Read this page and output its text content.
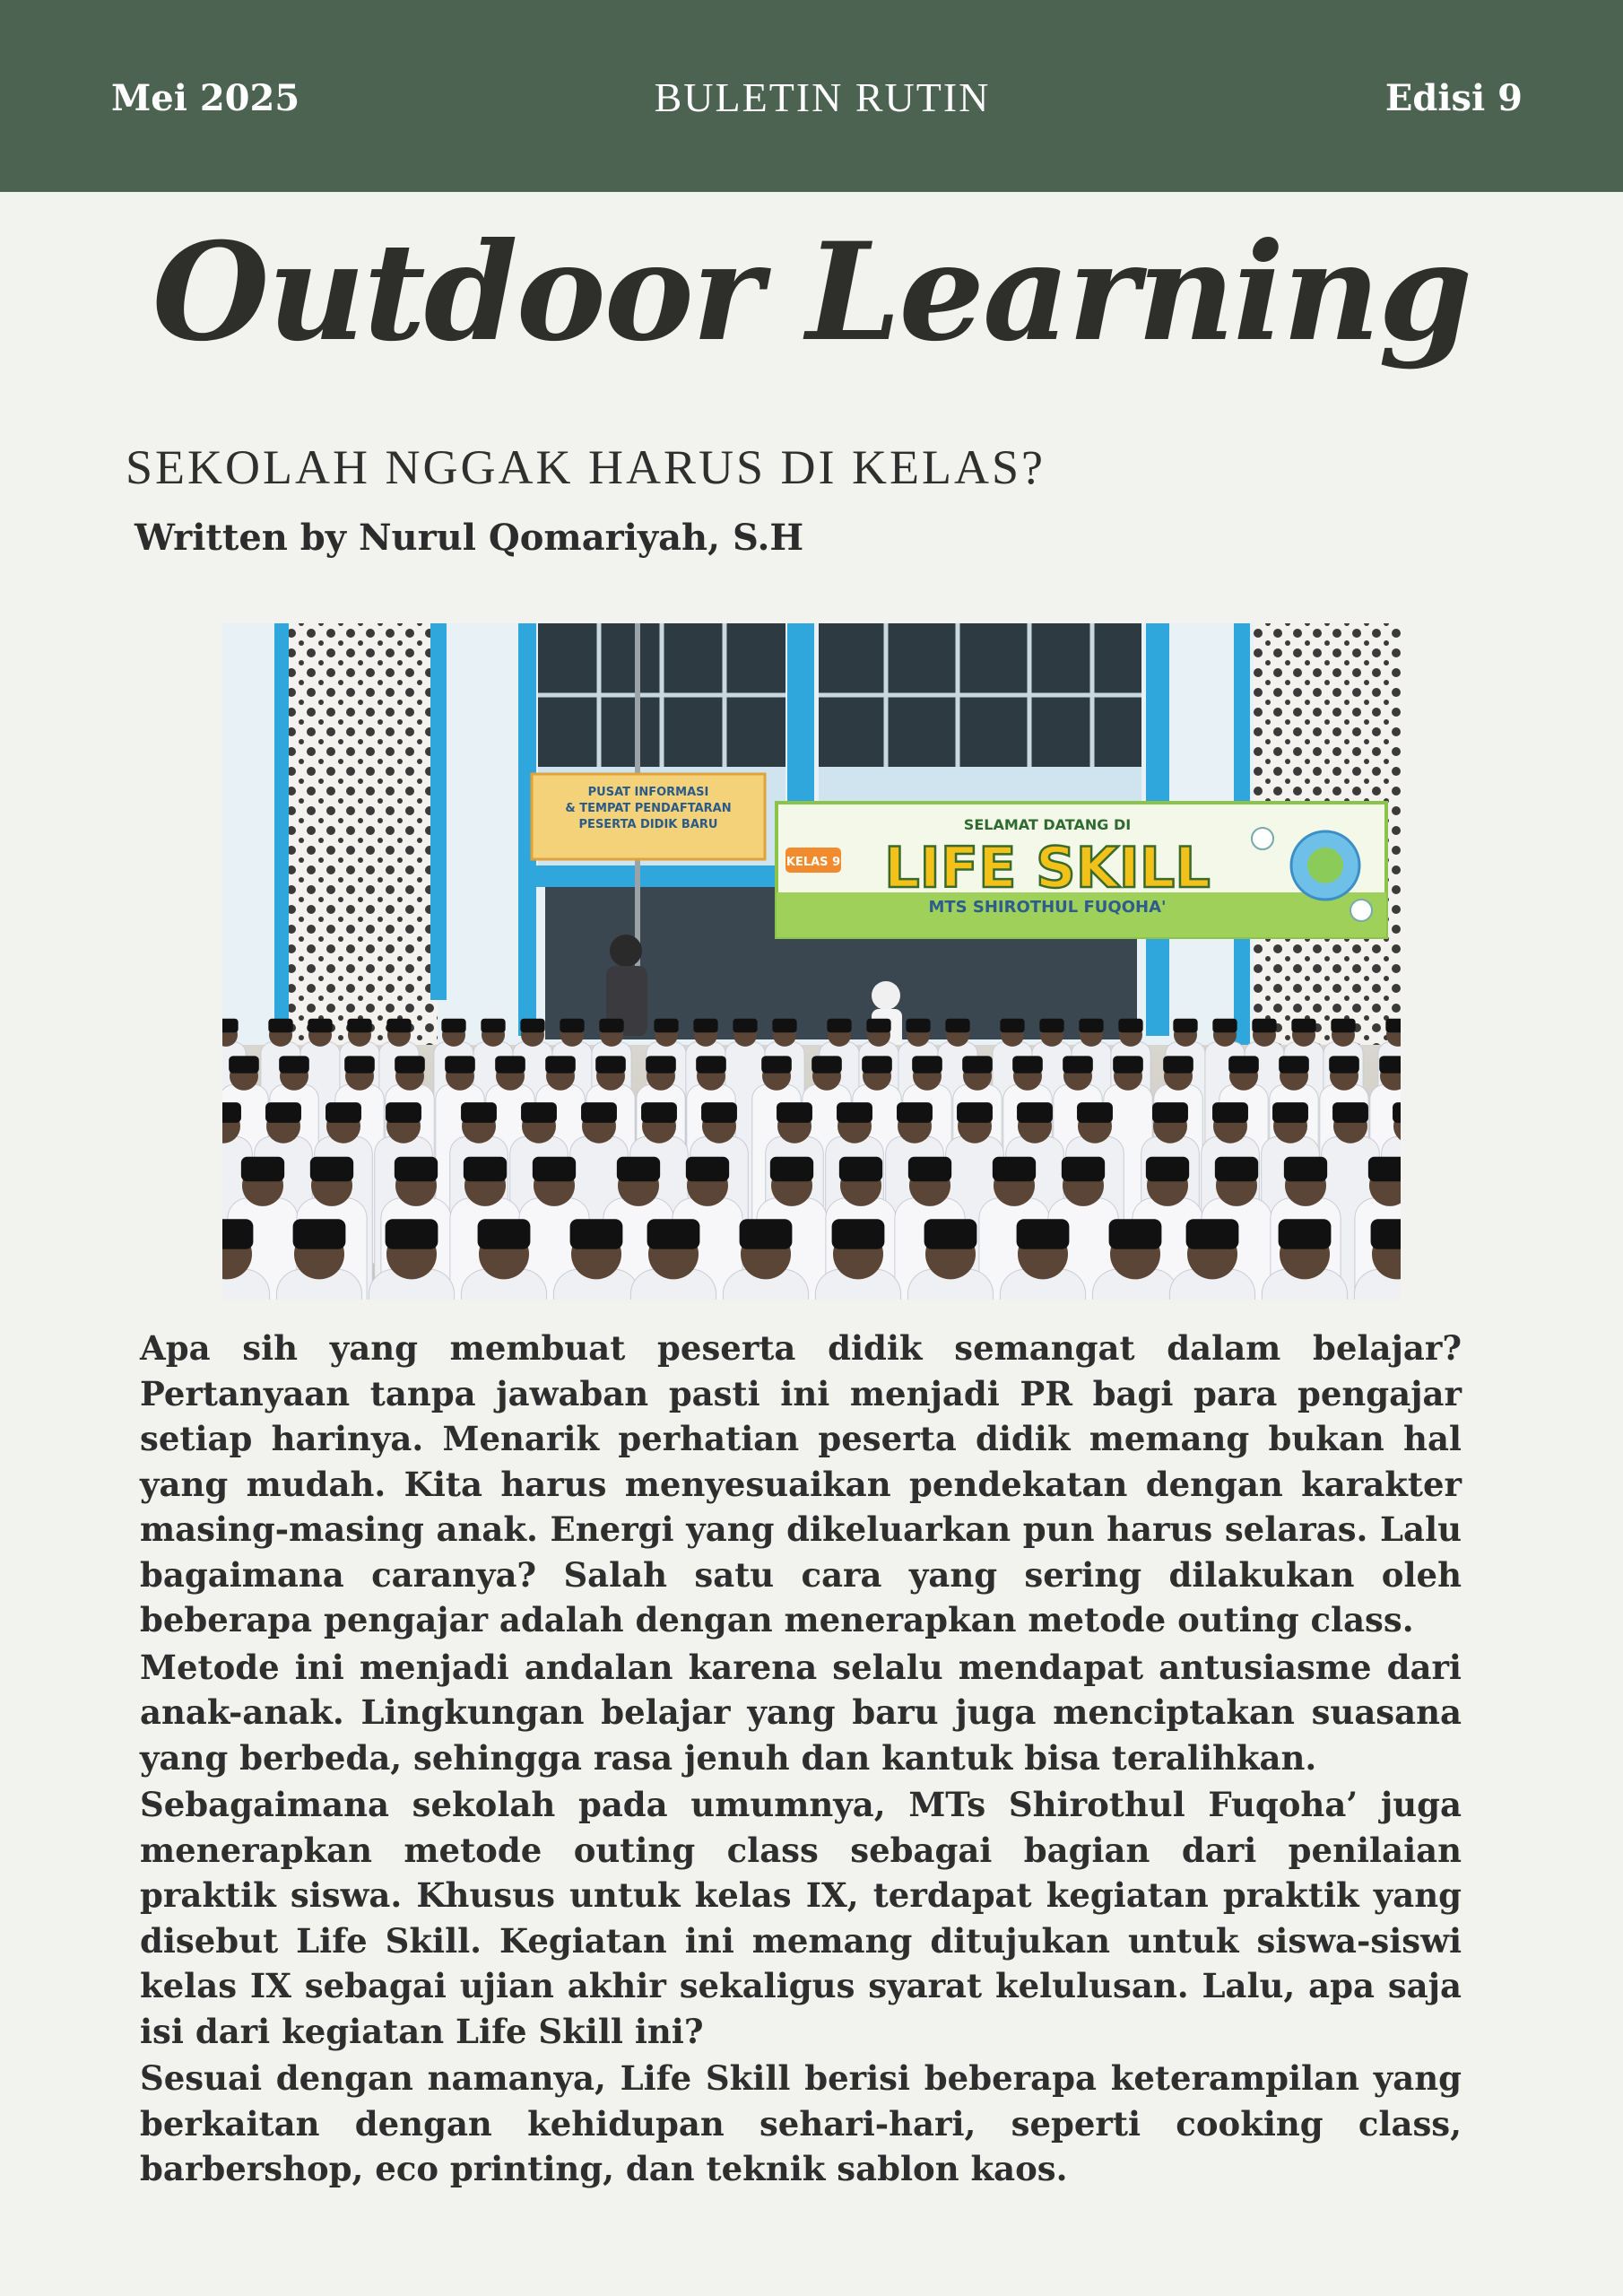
Mei 2025	BULETIN RUTIN	Edisi 9
Outdoor Learning
SEKOLAH NGGAK HARUS DI KELAS?
Written by Nurul Qomariyah, S.H
PUSAT INFORMASI
& TEMPAT PENDAFTARAN
PESERTA DIDIK BARU
KELAS 9
SELAMAT DATANG DI
LIFE SKILL
MTS SHIROTHUL FUQOHA'

Apa sih yang membuat peserta didik semangat dalam belajar? Pertanyaan tanpa jawaban pasti ini menjadi PR bagi para pengajar setiap harinya. Menarik perhatian peserta didik memang bukan hal yang mudah. Kita harus menyesuaikan pendekatan dengan karakter masing-masing anak. Energi yang dikeluarkan pun harus selaras. Lalu bagaimana caranya? Salah satu cara yang sering dilakukan oleh beberapa pengajar adalah dengan menerapkan metode outing class.

Metode ini menjadi andalan karena selalu mendapat antusiasme dari anak-anak. Lingkungan belajar yang baru juga menciptakan suasana yang berbeda, sehingga rasa jenuh dan kantuk bisa teralihkan.

Sebagaimana sekolah pada umumnya, MTs Shirothul Fuqoha’ juga menerapkan metode outing class sebagai bagian dari penilaian praktik siswa. Khusus untuk kelas IX, terdapat kegiatan praktik yang disebut Life Skill. Kegiatan ini memang ditujukan untuk siswa-siswi kelas IX sebagai ujian akhir sekaligus syarat kelulusan. Lalu, apa saja isi dari kegiatan Life Skill ini?

Sesuai dengan namanya, Life Skill berisi beberapa keterampilan yang berkaitan dengan kehidupan sehari-hari, seperti cooking class, barbershop, eco printing, dan teknik sablon kaos.
